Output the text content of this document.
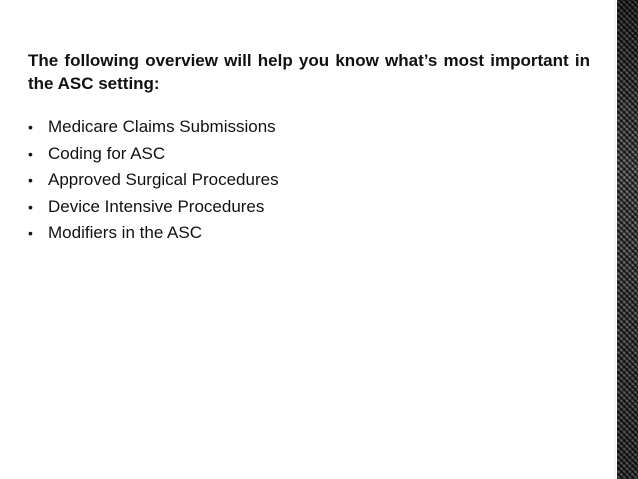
The following overview will help you know what’s most important in the ASC setting:

• Medicare Claims Submissions
• Coding for ASC
• Approved Surgical Procedures
• Device Intensive Procedures
• Modifiers in the ASC
